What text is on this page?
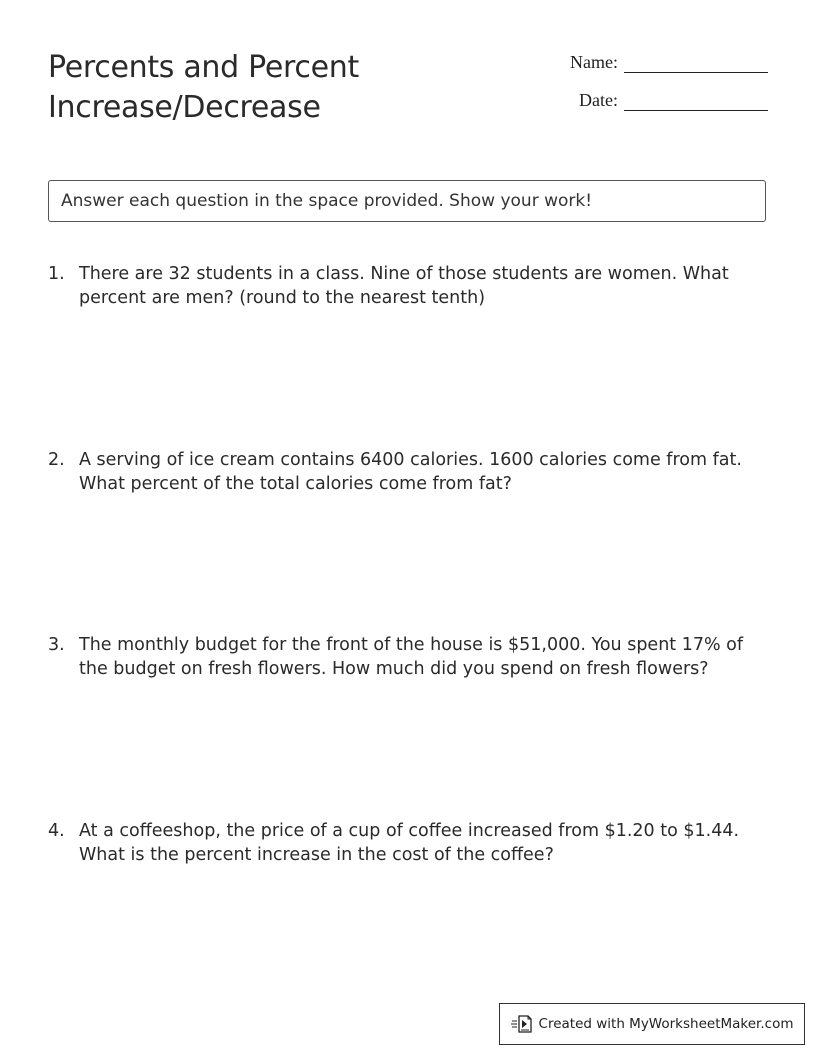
Percents and Percent
Increase/Decrease
Name:
Date:
Answer each question in the space provided. Show your work!
1. There are 32 students in a class. Nine of those students are women. What percent are men? (round to the nearest tenth)
2. A serving of ice cream contains 6400 calories. 1600 calories come from fat. What percent of the total calories come from fat?
3. The monthly budget for the front of the house is $51,000. You spent 17% of the budget on fresh flowers. How much did you spend on fresh flowers?
4. At a coffeeshop, the price of a cup of coffee increased from $1.20 to $1.44. What is the percent increase in the cost of the coffee?
Created with MyWorksheetMaker.com
